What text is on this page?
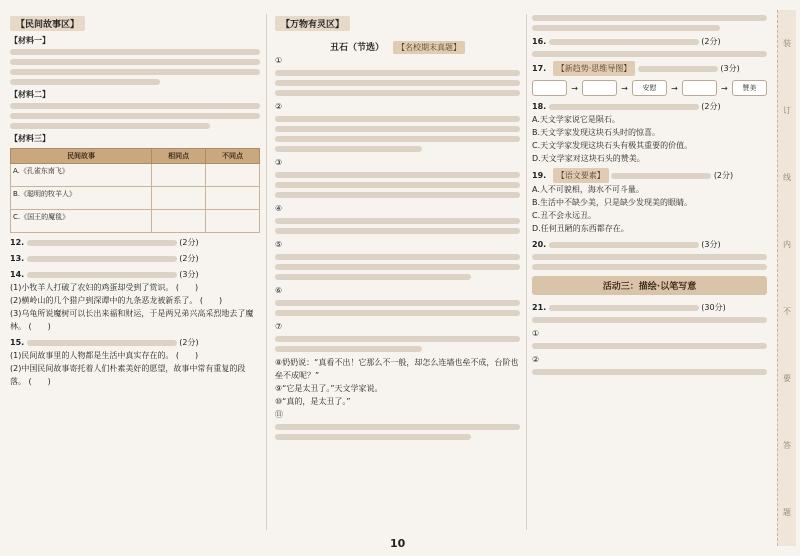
【民间故事区】
【材料一】
【材料二】
【材料三】
民间故事	相同点	不同点
A.《孔雀东南飞》		
B.《聪明的牧羊人》		
C.《国王的魔毯》		
12.	(2分)
13.	(2分)
14.	(3分)
(1)小牧羊人打破了农妇的鸡蛋却受到了赏识。 (　　)
(2)横岭山的几个猎户到深谭中的九条恶龙被新系了。 (　　)
(3)乌龟所说魔树可以长出来福和财运，于是两兄弟兴高采烈地去了魔林。 (　　)
15.	(2分)
(1)民间故事里的人物都是生活中真实存在的。 (　　)
(2)中国民间故事寄托着人们朴素美好的愿望，故事中常有重复的段落。 (　　)
【万物有灵区】
丑石（节选） 【名校期末真题】
①
②
③
④
⑤
⑥
⑦
⑧奶奶说：“真看不出！它那么不一般，却怎么连墙也垒不成，台阶也垒不成呢？”
⑨“它是太丑了。”天文学家说。
⑩“真的，是太丑了。”
⑪
16.	(2分)
17. 【新趋势·思维导图】	(3分)
→	→	安慰	→	→	赞美
18.	(2分)
A.天文学家说它是陨石。
B.天文学家发现这块石头时的惊喜。
C.天文学家发现这块石头有极其重要的价值。
D.天文学家对这块石头的赞美。
19. 【语文要素】	(2分)
A.人不可貌相，海水不可斗量。
B.生活中不缺少美，只是缺少发现美的眼睛。
C.丑不会永远丑。
D.任何丑陋的东西都存在。
20.	(3分)
活动三：描绘·以笔写意
21.	(30分)
①
②
10
装
订
线
内
不
要
答
题
